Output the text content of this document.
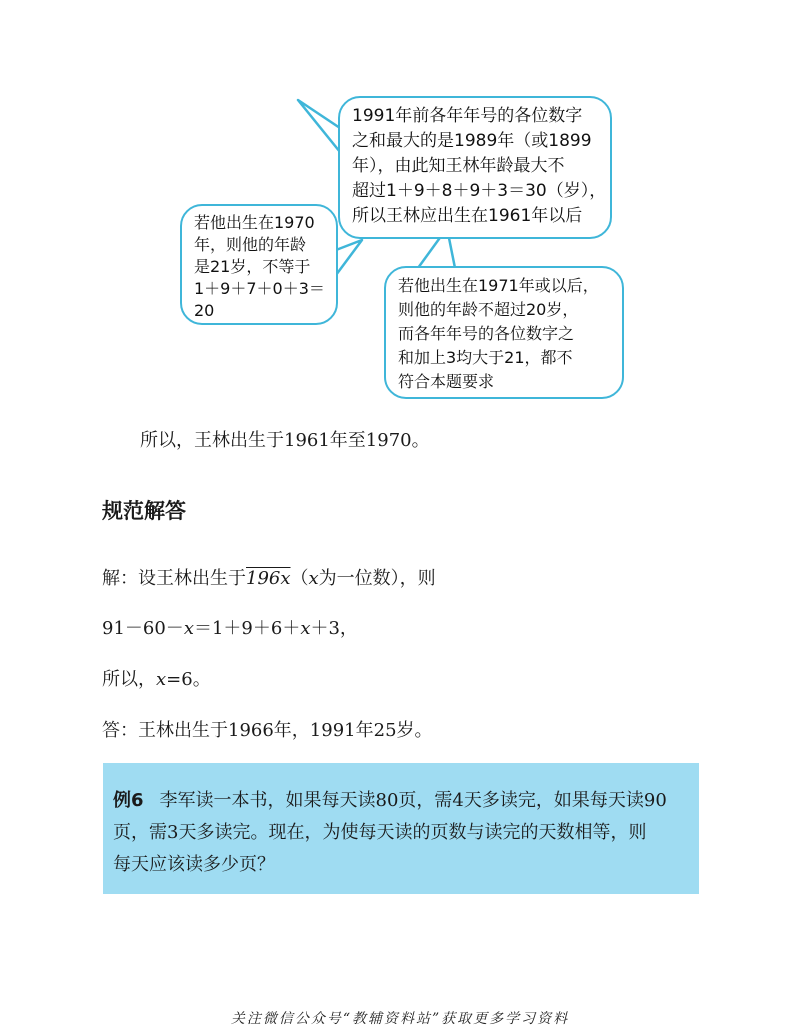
1991年前各年年号的各位数字
之和最大的是1989年（或1899
年），由此知王林年龄最大不
超过1＋9＋8＋9＋3＝30（岁），
所以王林应出生在1961年以后
若他出生在1970
年，则他的年龄
是21岁，不等于
1＋9＋7＋0＋3＝
20
若他出生在1971年或以后，
则他的年龄不超过20岁，
而各年年号的各位数字之
和加上3均大于21，都不
符合本题要求
所以，王林出生于1961年至1970。
规范解答
解：设王林出生于196x（x为一位数），则
91－60－x＝1＋9＋6＋x＋3，
所以，x=6。
答：王林出生于1966年，1991年25岁。
例6 李军读一本书，如果每天读80页，需4天多读完，如果每天读90
页，需3天多读完。现在，为使每天读的页数与读完的天数相等，则
每天应该读多少页？
关注微信公众号“教辅资料站”获取更多学习资料
